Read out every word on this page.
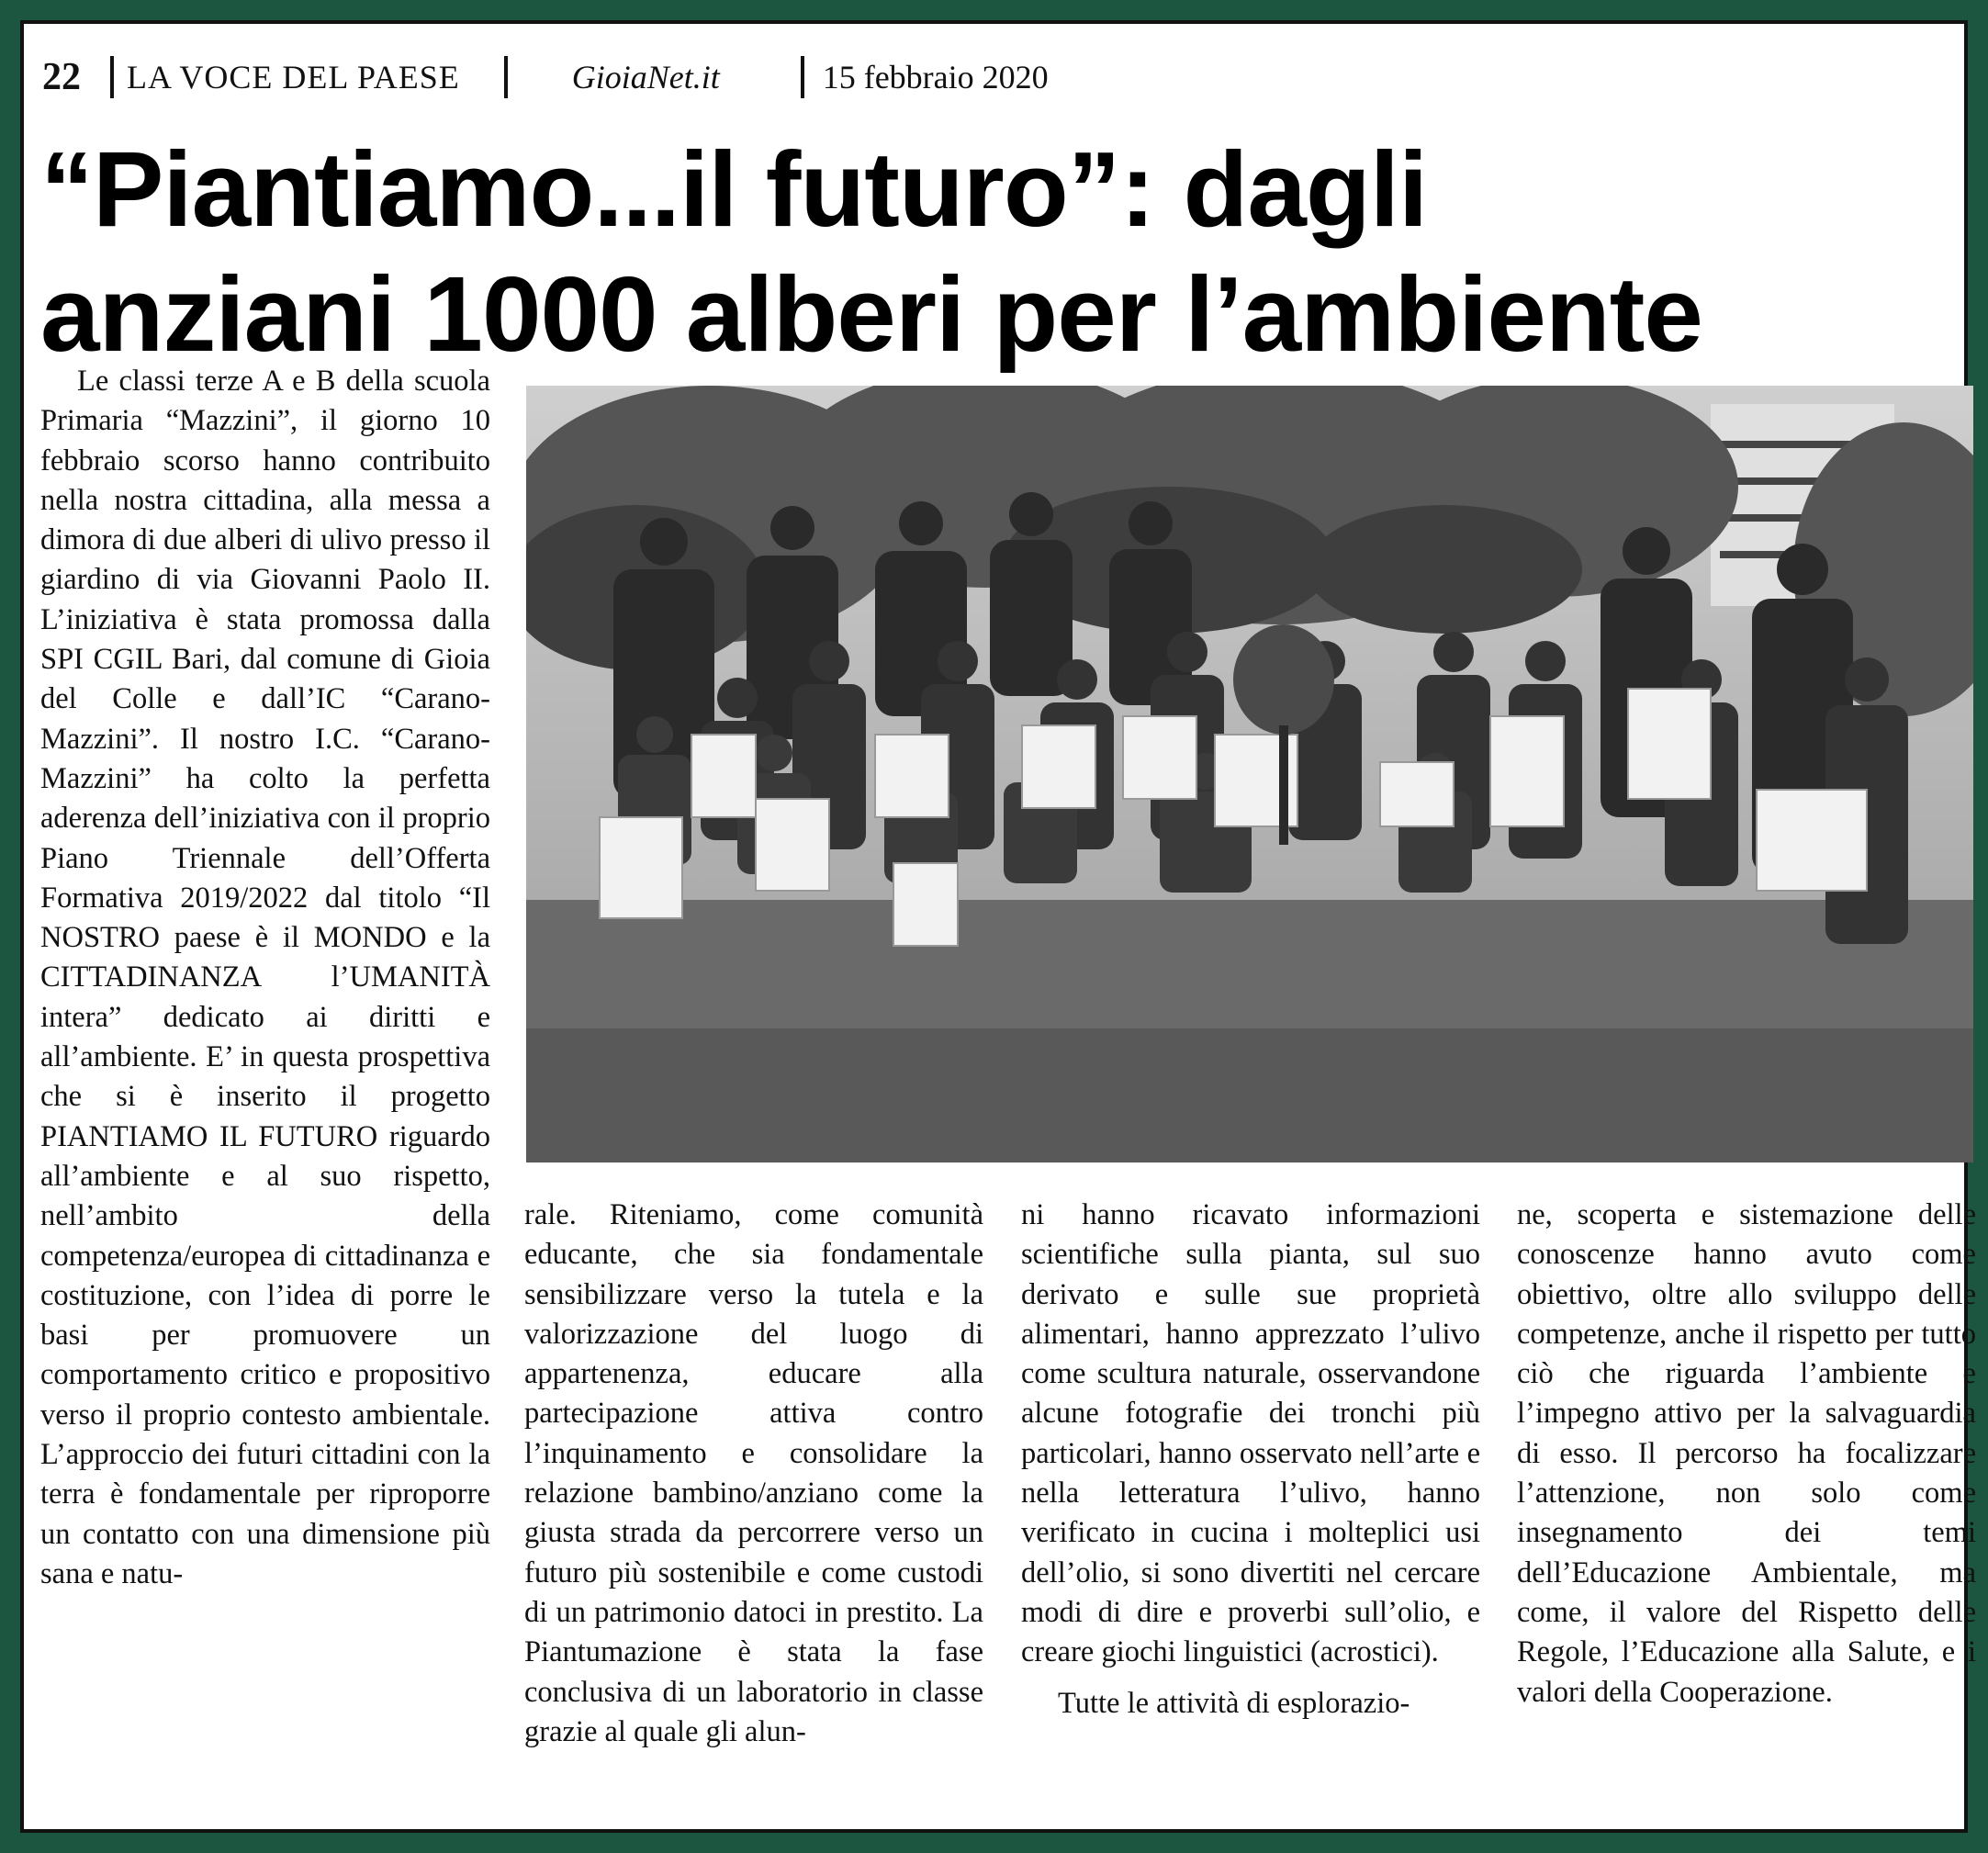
22 LA VOCE DEL PAESE	GioiaNet.it	15 febbraio 2020
“Piantiamo...il futuro”: dagli
anziani 1000 alberi per l’ambiente

Le classi terze A e B della scuola Primaria “Mazzini”, il giorno 10 febbraio scorso hanno contribuito nella nostra cittadina, alla messa a dimora di due alberi di ulivo presso il giardino di via Giovanni Paolo II. L’iniziativa è stata promossa dalla SPI CGIL Bari, dal comune di Gioia del Colle e dall’IC “Carano-Mazzini”. Il nostro I.C. “Carano-Mazzini” ha colto la perfetta aderenza dell’iniziativa con il proprio Piano Triennale dell’Offerta Formativa 2019/2022 dal titolo “Il NOSTRO paese è il MONDO e la CITTADINANZA l’UMANITÀ intera” dedicato ai diritti e all’ambiente. E’ in questa prospettiva che si è inserito il progetto PIANTIAMO IL FUTURO riguardo all’ambiente e al suo rispetto, nell’ambito della competenza/europea di cittadinanza e costituzione, con l’idea di porre le basi per promuovere un comportamento critico e propositivo verso il proprio contesto ambientale. L’approccio dei futuri cittadini con la terra è fondamentale per riproporre un contatto con una dimensione più sana e natu-

rale. Riteniamo, come comunità educante, che sia fondamentale sensibilizzare verso la tutela e la valorizzazione del luogo di appartenenza, educare alla partecipazione attiva contro l’inquinamento e consolidare la relazione bambino/anziano come la giusta strada da percorrere verso un futuro più sostenibile e come custodi di un patrimonio datoci in prestito. La Piantumazione è stata la fase conclusiva di un laboratorio in classe grazie al quale gli alun-

ni hanno ricavato informazioni scientifiche sulla pianta, sul suo derivato e sulle sue proprietà alimentari, hanno apprezzato l’ulivo come scultura naturale, osservandone alcune fotografie dei tronchi più particolari, hanno osservato nell’arte e nella letteratura l’ulivo, hanno verificato in cucina i molteplici usi dell’olio, si sono divertiti nel cercare modi di dire e proverbi sull’olio, e creare giochi linguistici (acrostici).

Tutte le attività di esplorazio-

ne, scoperta e sistemazione delle conoscenze hanno avuto come obiettivo, oltre allo sviluppo delle competenze, anche il rispetto per tutto ciò che riguarda l’ambiente e l’impegno attivo per la salvaguardia di esso. Il percorso ha focalizzare l’attenzione, non solo come insegnamento dei temi dell’Educazione Ambientale, ma come, il valore del Rispetto delle Regole, l’Educazione alla Salute, e i valori della Cooperazione.
